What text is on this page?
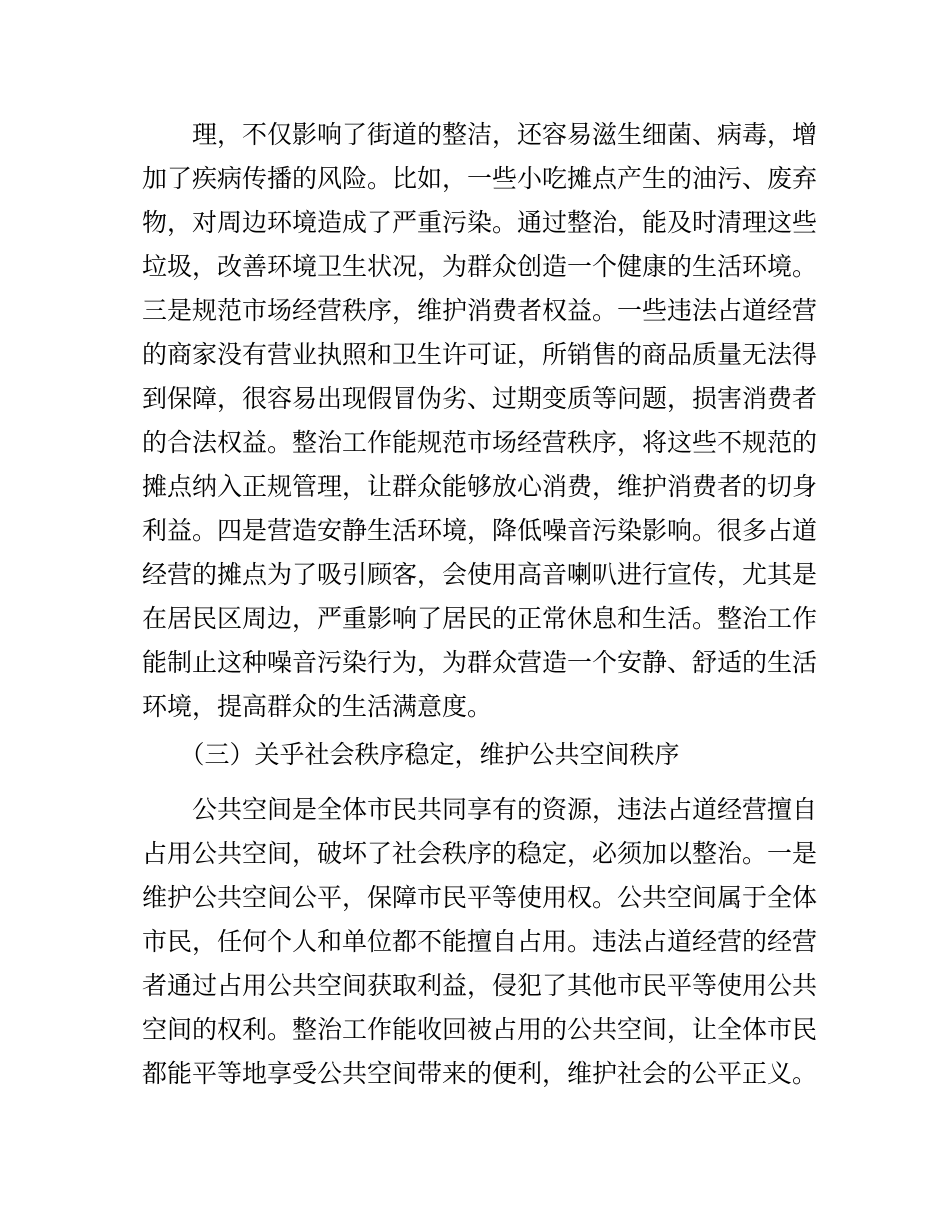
　　理，不仅影响了街道的整洁，还容易滋生细菌、病毒，增
加了疾病传播的风险。比如，一些小吃摊点产生的油污、废弃
物，对周边环境造成了严重污染。通过整治，能及时清理这些
垃圾，改善环境卫生状况，为群众创造一个健康的生活环境。
三是规范市场经营秩序，维护消费者权益。一些违法占道经营
的商家没有营业执照和卫生许可证，所销售的商品质量无法得
到保障，很容易出现假冒伪劣、过期变质等问题，损害消费者
的合法权益。整治工作能规范市场经营秩序，将这些不规范的
摊点纳入正规管理，让群众能够放心消费，维护消费者的切身
利益。四是营造安静生活环境，降低噪音污染影响。很多占道
经营的摊点为了吸引顾客，会使用高音喇叭进行宣传，尤其是
在居民区周边，严重影响了居民的正常休息和生活。整治工作
能制止这种噪音污染行为，为群众营造一个安静、舒适的生活
环境，提高群众的生活满意度。
　　（三）关乎社会秩序稳定，维护公共空间秩序
　　公共空间是全体市民共同享有的资源，违法占道经营擅自
占用公共空间，破坏了社会秩序的稳定，必须加以整治。一是
维护公共空间公平，保障市民平等使用权。公共空间属于全体
市民，任何个人和单位都不能擅自占用。违法占道经营的经营
者通过占用公共空间获取利益，侵犯了其他市民平等使用公共
空间的权利。整治工作能收回被占用的公共空间，让全体市民
都能平等地享受公共空间带来的便利，维护社会的公平正义。
